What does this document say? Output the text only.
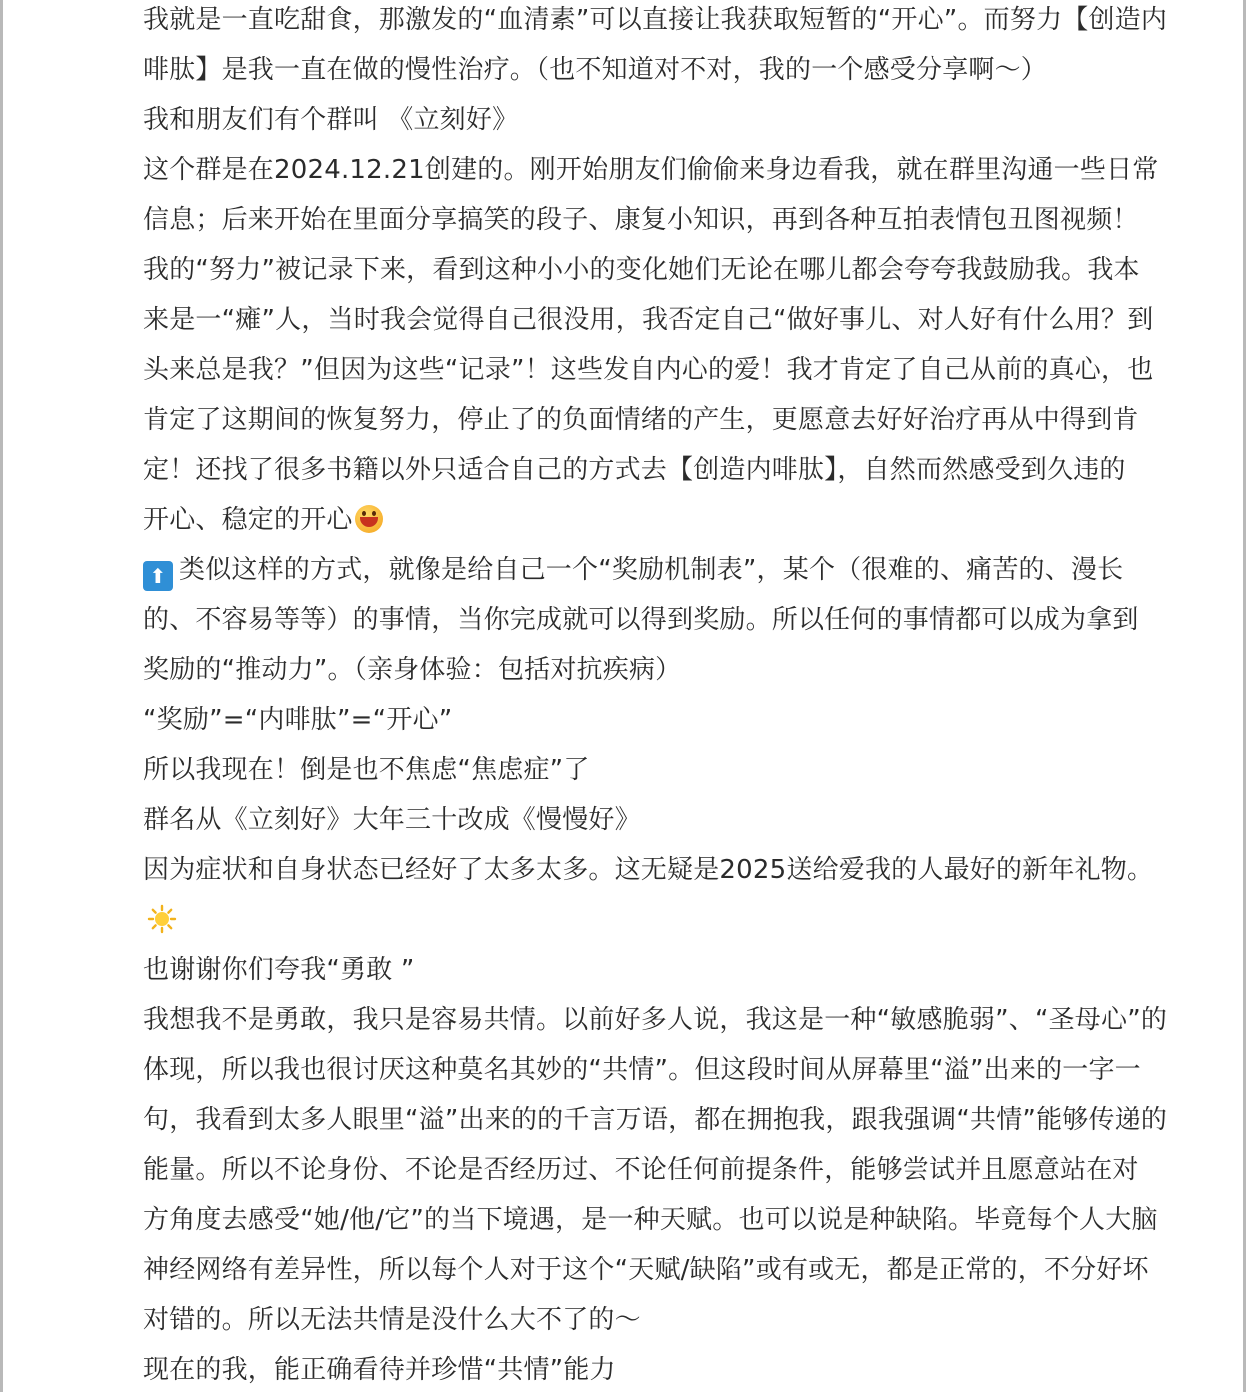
我就是一直吃甜食，那激发的“血清素”可以直接让我获取短暂的“开心”。而努力【创造内
啡肽】是我一直在做的慢性治疗。（也不知道对不对，我的一个感受分享啊～）

我和朋友们有个群叫 《立刻好》

这个群是在2024.12.21创建的。刚开始朋友们偷偷来身边看我，就在群里沟通一些日常
信息；后来开始在里面分享搞笑的段子、康复小知识，再到各种互拍表情包丑图视频！
我的“努力”被记录下来，看到这种小小的变化她们无论在哪儿都会夸夸我鼓励我。我本
来是一“瘫”人，当时我会觉得自己很没用，我否定自己“做好事儿、对人好有什么用？到
头来总是我？”但因为这些“记录”！这些发自内心的爱！我才肯定了自己从前的真心，也
肯定了这期间的恢复努力，停止了的负面情绪的产生，更愿意去好好治疗再从中得到肯
定！还找了很多书籍以外只适合自己的方式去【创造内啡肽】，自然而然感受到久违的
开心、稳定的开心

⬆ 类似这样的方式，就像是给自己一个“奖励机制表”，某个（很难的、痛苦的、漫长
的、不容易等等）的事情，当你完成就可以得到奖励。所以任何的事情都可以成为拿到
奖励的“推动力”。（亲身体验：包括对抗疾病）

“奖励”=“内啡肽”=“开心”

所以我现在！倒是也不焦虑“焦虑症”了

群名从《立刻好》大年三十改成《慢慢好》

因为症状和自身状态已经好了太多太多。这无疑是2025送给爱我的人最好的新年礼物。

也谢谢你们夸我“勇敢 ”

我想我不是勇敢，我只是容易共情。以前好多人说，我这是一种“敏感脆弱”、“圣母心”的
体现，所以我也很讨厌这种莫名其妙的“共情”。但这段时间从屏幕里“溢”出来的一字一
句，我看到太多人眼里“溢”出来的的千言万语，都在拥抱我，跟我强调“共情”能够传递的
能量。所以不论身份、不论是否经历过、不论任何前提条件，能够尝试并且愿意站在对
方角度去感受“她/他/它”的当下境遇，是一种天赋。也可以说是种缺陷。毕竟每个人大脑
神经网络有差异性，所以每个人对于这个“天赋/缺陷”或有或无，都是正常的，不分好坏
对错的。所以无法共情是没什么大不了的～

现在的我，能正确看待并珍惜“共情”能力
